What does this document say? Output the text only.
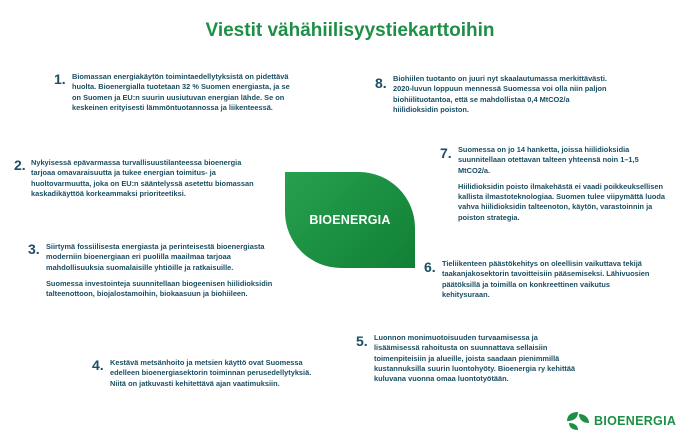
Viestit vähähiilisyystiekarttoihin
1. Biomassan energiakäytön toimintaedellytyksistä on pidettävä huolta. Bioenergialla tuotetaan 32 % Suomen energiasta, ja se on Suomen ja EU:n suurin uusiutuvan energian lähde. Se on keskeinen erityisesti lämmöntuotannossa ja liikenteessä.

2. Nykyisessä epävarmassa turvallisuustilanteessa bioenergia tarjoaa omavaraisuutta ja tukee energian toimitus- ja huoltovarmuutta, joka on EU:n sääntelyssä asetettu biomassan kaskadikäyttöä korkeammaksi prioriteetiksi.

3. Siirtymä fossiilisesta energiasta ja perinteisestä bioenergiasta moderniin bioenergiaan eri puolilla maailmaa tarjoaa mahdollisuuksia suomalaisille yhtiöille ja ratkaisuille.

Suomessa investointeja suunnitellaan biogeenisen hiilidioksidin talteenottoon, biojalostamoihin, biokaasuun ja biohiileen.

4. Kestävä metsänhoito ja metsien käyttö ovat Suomessa edelleen bioenergiasektorin toiminnan perusedellytyksiä. Niitä on jatkuvasti kehitettävä ajan vaatimuksiin.

5. Luonnon monimuotoisuuden turvaamisessa ja lisäämisessä rahoitusta on suunnattava sellaisiin toimenpiteisiin ja alueille, joista saadaan pienimmillä kustannuksilla suurin luontohyöty. Bioenergia ry kehittää kuluvana vuonna omaa luontotyötään.

6. Tieliikenteen päästökehitys on oleellisin vaikuttava tekijä taakanjakosektorin tavoitteisiin pääsemiseksi. Lähivuosien päätöksillä ja toimilla on konkreettinen vaikutus kehitysuraan.

7. Suomessa on jo 14 hanketta, joissa hiilidioksidia suunnitellaan otettavan talteen yhteensä noin 1–1,5 MtCO2/a.

Hiilidioksidin poisto ilmakehästä ei vaadi poikkeuksellisen kallista ilmastoteknologiaa. Suomen tulee viipymättä luoda vahva hiilidioksidin talteenoton, käytön, varastoinnin ja poiston strategia.

8. Biohiilen tuotanto on juuri nyt skaalautumassa merkittävästi. 2020-luvun loppuun mennessä Suomessa voi olla niin paljon biohiilituotantoa, että se mahdollistaa 0,4 MtCO2/a hiilidioksidin poiston.

BIOENERGIA
BIOENERGIA
